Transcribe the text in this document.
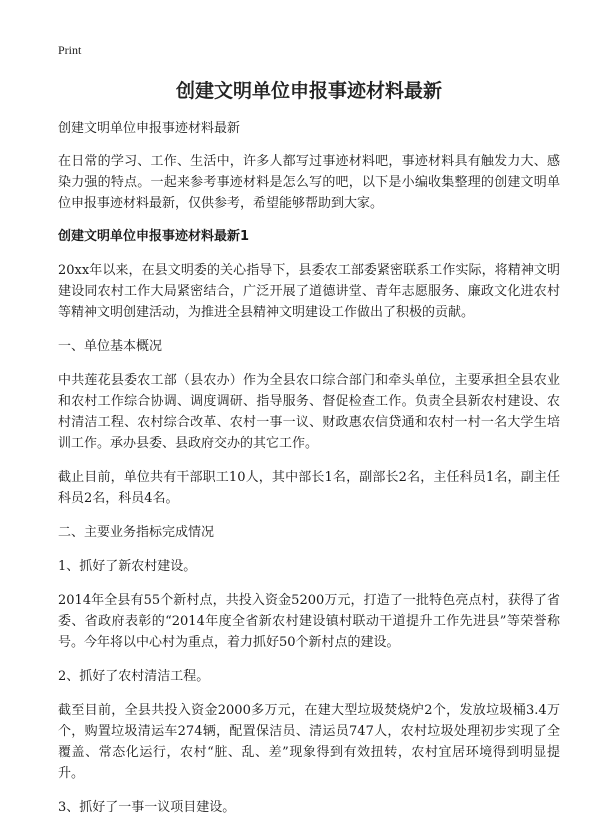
Print
创建文明单位申报事迹材料最新

创建文明单位申报事迹材料最新

在日常的学习、工作、生活中，许多人都写过事迹材料吧，事迹材料具有触发力大、感染力强的特点。一起来参考事迹材料是怎么写的吧，以下是小编收集整理的创建文明单位申报事迹材料最新，仅供参考，希望能够帮助到大家。

创建文明单位申报事迹材料最新1

20xx年以来，在县文明委的关心指导下，县委农工部委紧密联系工作实际，将精神文明建设同农村工作大局紧密结合，广泛开展了道德讲堂、青年志愿服务、廉政文化进农村等精神文明创建活动，为推进全县精神文明建设工作做出了积极的贡献。

一、单位基本概况

中共莲花县委农工部（县农办）作为全县农口综合部门和牵头单位，主要承担全县农业和农村工作综合协调、调度调研、指导服务、督促检查工作。负责全县新农村建设、农村清洁工程、农村综合改革、农村一事一议、财政惠农信贷通和农村一村一名大学生培训工作。承办县委、县政府交办的其它工作。

截止目前，单位共有干部职工10人，其中部长1名，副部长2名，主任科员1名，副主任科员2名，科员4名。

二、主要业务指标完成情况

1、抓好了新农村建设。

2014年全县有55个新村点，共投入资金5200万元，打造了一批特色亮点村，获得了省委、省政府表彰的“2014年度全省新农村建设镇村联动干道提升工作先进县”等荣誉称号。今年将以中心村为重点，着力抓好50个新村点的建设。

2、抓好了农村清洁工程。

截至目前，全县共投入资金2000多万元，在建大型垃圾焚烧炉2个，发放垃圾桶3.4万个，购置垃圾清运车274辆，配置保洁员、清运员747人，农村垃圾处理初步实现了全覆盖、常态化运行，农村“脏、乱、差”现象得到有效扭转，农村宜居环境得到明显提升。

3、抓好了一事一议项目建设。
